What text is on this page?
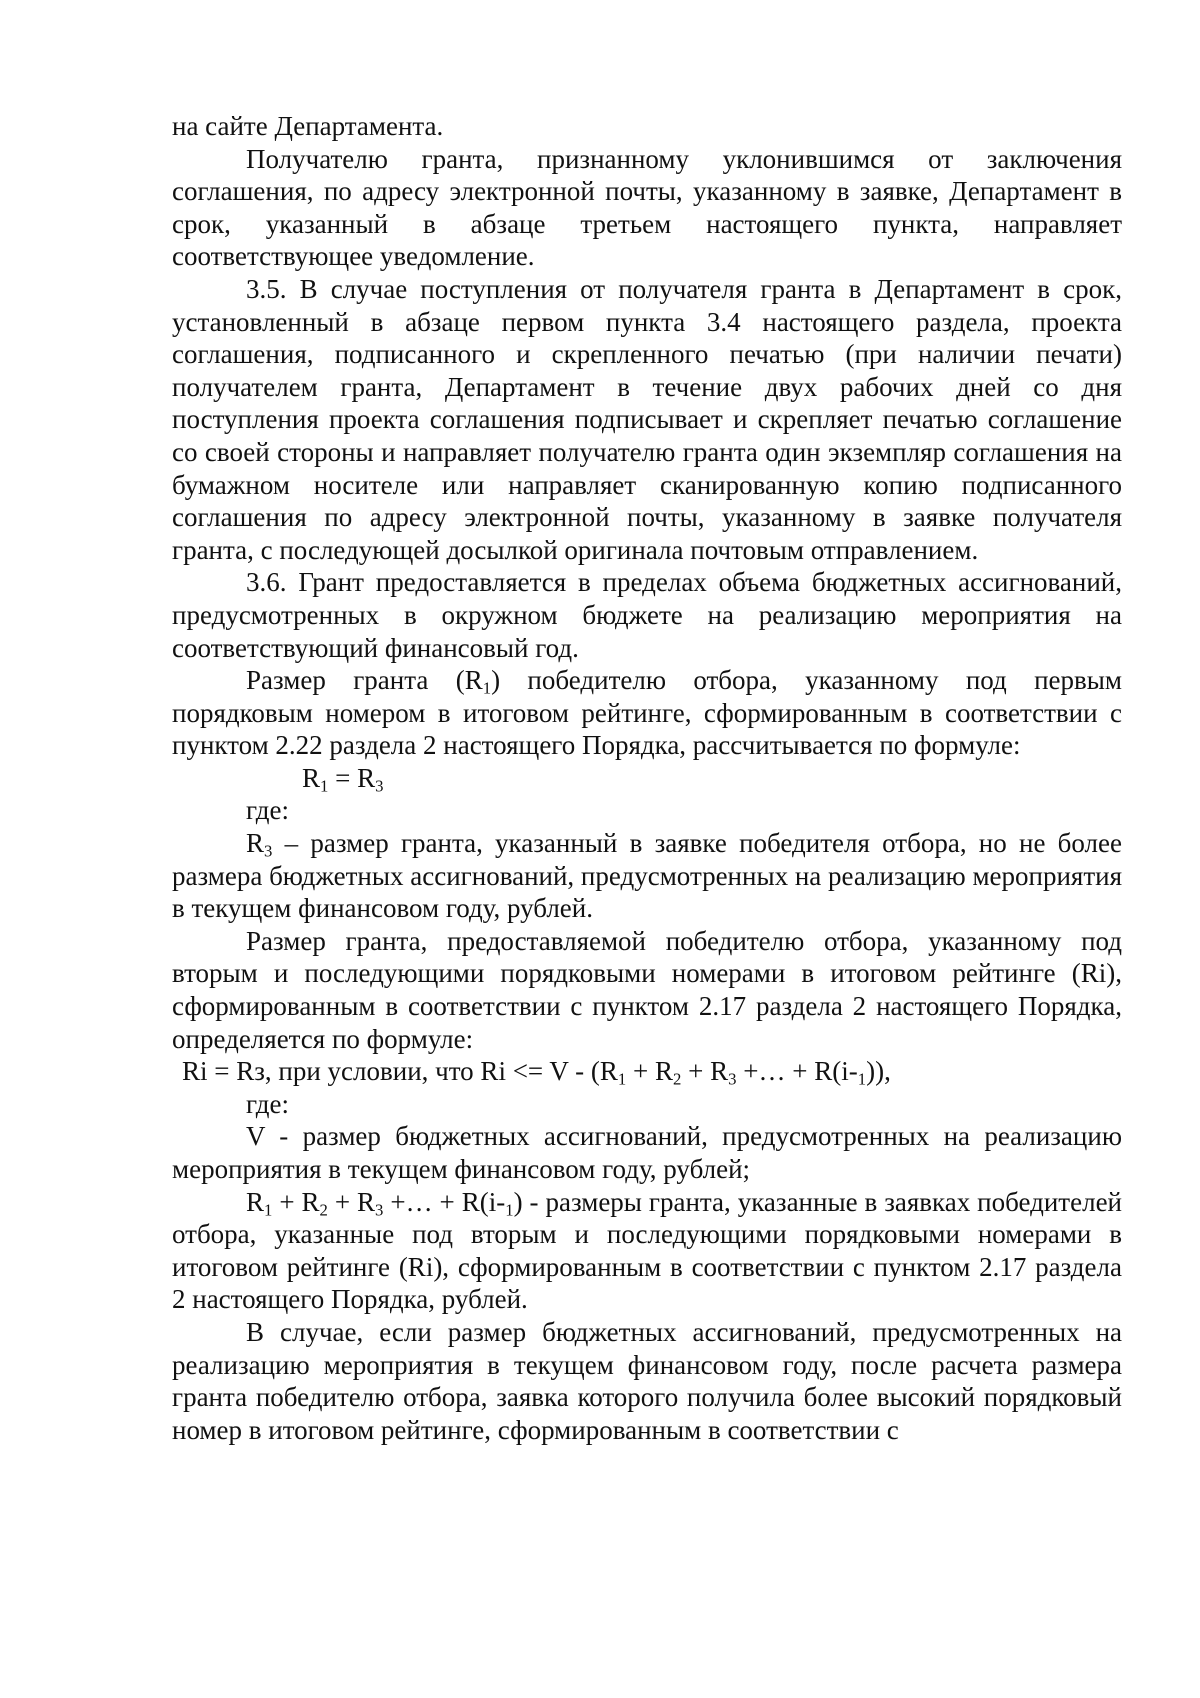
на сайте Департамента.

Получателю гранта, признанному уклонившимся от заключения соглашения, по адресу электронной почты, указанному в заявке, Департамент в срок, указанный в абзаце третьем настоящего пункта, направляет соответствующее уведомление.

3.5. В случае поступления от получателя гранта в Департамент в срок, установленный в абзаце первом пункта 3.4 настоящего раздела, проекта соглашения, подписанного и скрепленного печатью (при наличии печати) получателем гранта, Департамент в течение двух рабочих дней со дня поступления проекта соглашения подписывает и скрепляет печатью соглашение со своей стороны и направляет получателю гранта один экземпляр соглашения на бумажном носителе или направляет сканированную копию подписанного соглашения по адресу электронной почты, указанному в заявке получателя гранта, с последующей досылкой оригинала почтовым отправлением.

3.6. Грант предоставляется в пределах объема бюджетных ассигнований, предусмотренных в окружном бюджете на реализацию мероприятия на соответствующий финансовый год.

Размер гранта $(R_1)$ победителю отбора, указанному под первым порядковым номером в итоговом рейтинге, сформированным в соответствии с пунктом 2.22 раздела 2 настоящего Порядка, рассчитывается по формуле:

$R_1 = R_3$

где:

$R_3$ – размер гранта, указанный в заявке победителя отбора, но не более размера бюджетных ассигнований, предусмотренных на реализацию мероприятия в текущем финансовом году, рублей.

Размер гранта, предоставляемой победителю отбора, указанному под вторым и последующими порядковыми номерами в итоговом рейтинге (Ri), сформированным в соответствии с пунктом 2.17 раздела 2 настоящего Порядка, определяется по формуле:

Ri = Rз, при условии, что $Ri <= V - (R_1 + R_2 + R_3$ +… + $R(i-_1)$),

где:

V - размер бюджетных ассигнований, предусмотренных на реализацию мероприятия в текущем финансовом году, рублей;

$R_1 + R_2 + R_3$ +… + $R(i-_1)$ - размеры гранта, указанные в заявках победителей отбора, указанные под вторым и последующими порядковыми номерами в итоговом рейтинге (Ri), сформированным в соответствии с пунктом 2.17 раздела 2 настоящего Порядка, рублей.

В случае, если размер бюджетных ассигнований, предусмотренных на реализацию мероприятия в текущем финансовом году, после расчета размера гранта победителю отбора, заявка которого получила более высокий порядковый номер в итоговом рейтинге, сформированным в соответствии с
